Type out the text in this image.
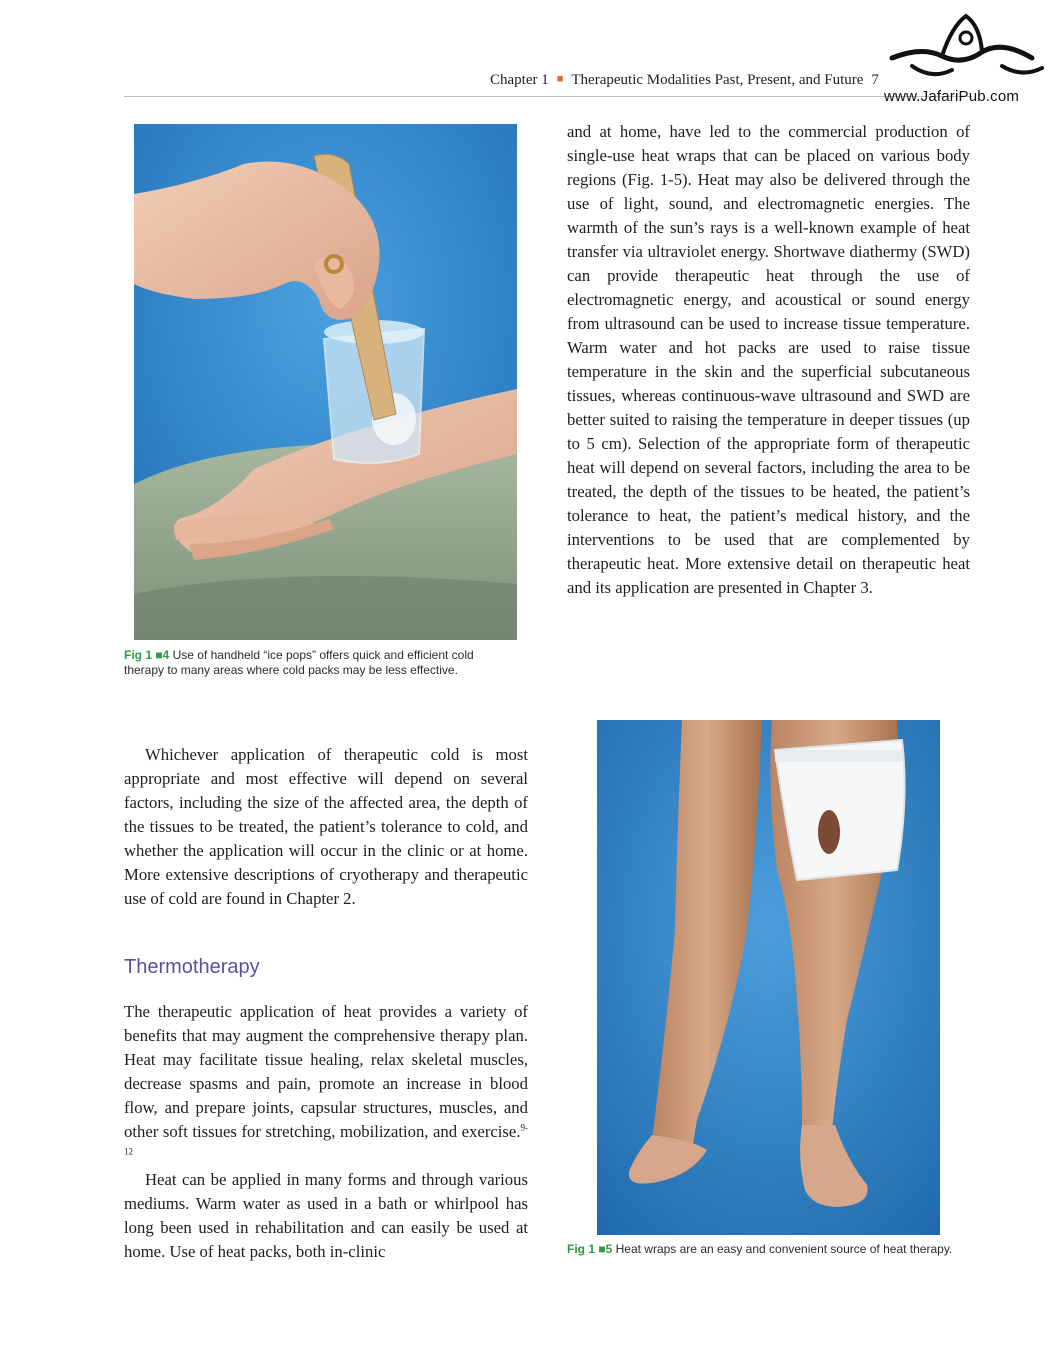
Chapter 1 ■ Therapeutic Modalities Past, Present, and Future 7
www.JafariPub.com
Fig 1 ■4 Use of handheld “ice pops” offers quick and efficient cold therapy to many areas where cold packs may be less effective.

and at home, have led to the commercial production of single-use heat wraps that can be placed on various body regions (Fig. 1-5). Heat may also be delivered through the use of light, sound, and electromagnetic energies. The warmth of the sun’s rays is a well-known example of heat transfer via ultraviolet energy. Shortwave diathermy (SWD) can provide therapeutic heat through the use of electromagnetic energy, and acoustical or sound energy from ultrasound can be used to increase tissue temperature. Warm water and hot packs are used to raise tissue temperature in the skin and the superficial subcutaneous tissues, whereas continuous-wave ultrasound and SWD are better suited to raising the temperature in deeper tissues (up to 5 cm). Selection of the appropriate form of therapeutic heat will depend on several factors, including the area to be treated, the depth of the tissues to be heated, the patient’s tolerance to heat, the patient’s medical history, and the interventions to be used that are complemented by therapeutic heat. More extensive detail on therapeutic heat and its application are presented in Chapter 3.

Whichever application of therapeutic cold is most appropriate and most effective will depend on several factors, including the size of the affected area, the depth of the tissues to be treated, the patient’s tolerance to cold, and whether the application will occur in the clinic or at home. More extensive descriptions of cryotherapy and therapeutic use of cold are found in Chapter 2.

Thermotherapy

The therapeutic application of heat provides a variety of benefits that may augment the comprehensive therapy plan. Heat may facilitate tissue healing, relax skeletal muscles, decrease spasms and pain, promote an increase in blood flow, and prepare joints, capsular structures, muscles, and other soft tissues for stretching, mobilization, and exercise.$^{9-12}$

Heat can be applied in many forms and through various mediums. Warm water as used in a bath or whirlpool has long been used in rehabilitation and can easily be used at home. Use of heat packs, both in-clinic	Fig 1 ■5 Heat wraps are an easy and convenient source of heat therapy.
